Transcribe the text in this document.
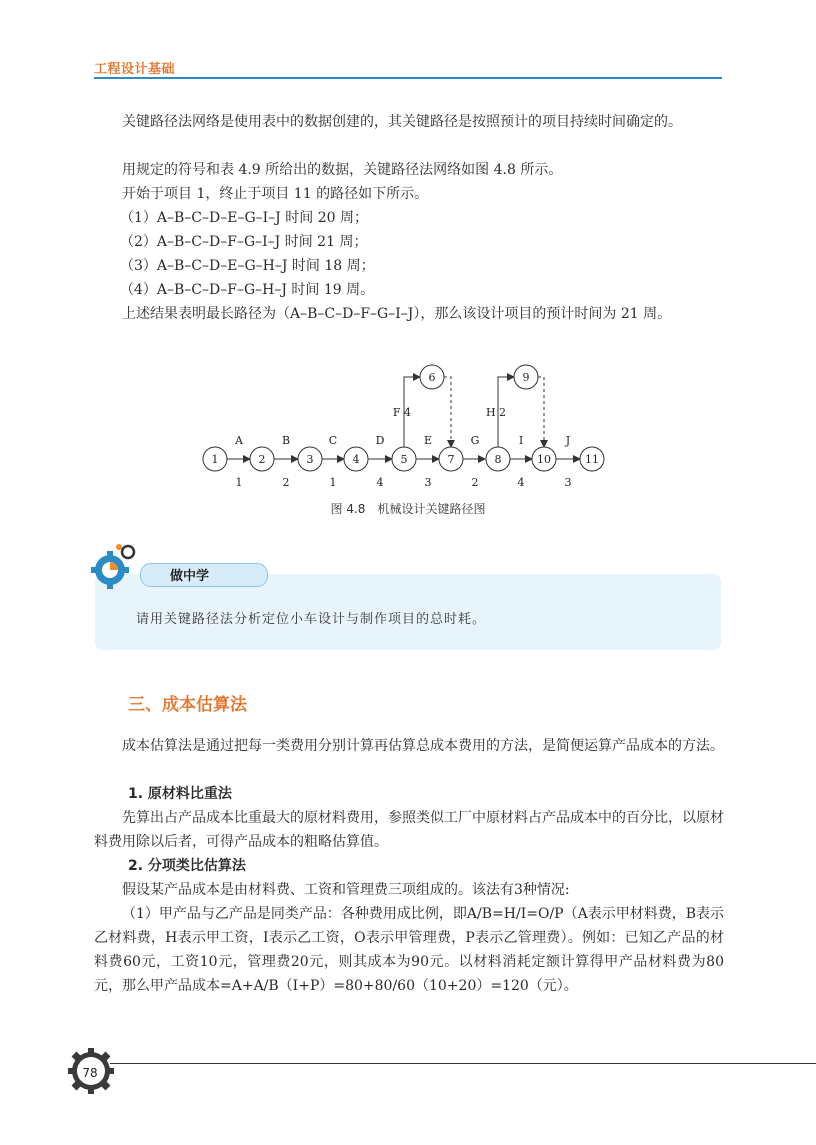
工程设计基础

关键路径法网络是使用表中的数据创建的，其关键路径是按照预计的项目持续时间确定的。

用规定的符号和表 4.9 所给出的数据，关键路径法网络如图 4.8 所示。
开始于项目 1，终止于项目 11 的路径如下所示。
（1）A–B–C–D–E–G–I–J 时间 20 周；
（2）A–B–C–D–F–G–I–J 时间 21 周；
（3）A–B–C–D–E–G–H–J 时间 18 周；
（4）A–B–C–D–F–G–H–J 时间 19 周。

上述结果表明最长路径为（A–B–C–D–F–G–I–J），那么该设计项目的预计时间为 21 周。

1	2	3	4	5	7	8	10	11
6	9
A	B	C	D	E	G	I	J
1	2	1	4	3	2	4	3
F 4	H 2
图 4.8　机械设计关键路径图
做中学
请用关键路径法分析定位小车设计与制作项目的总时耗。
三、成本估算法

成本估算法是通过把每一类费用分别计算再估算总成本费用的方法，是简便运算产品成本的方法。

1. 原材料比重法

先算出占产品成本比重最大的原材料费用，参照类似工厂中原材料占产品成本中的百分比，以原材料费用除以后者，可得产品成本的粗略估算值。

2. 分项类比估算法
假设某产品成本是由材料费、工资和管理费三项组成的。该法有3种情况:

（1）甲产品与乙产品是同类产品：各种费用成比例，即A/B=H/I=O/P（A表示甲材料费，B表示乙材料费，H表示甲工资，I表示乙工资，O表示甲管理费，P表示乙管理费）。例如：已知乙产品的材料费60元，工资10元，管理费20元，则其成本为90元。以材料消耗定额计算得甲产品材料费为80元，那么甲产品成本=A+A/B（I+P）=80+80/60（10+20）=120（元）。

78
